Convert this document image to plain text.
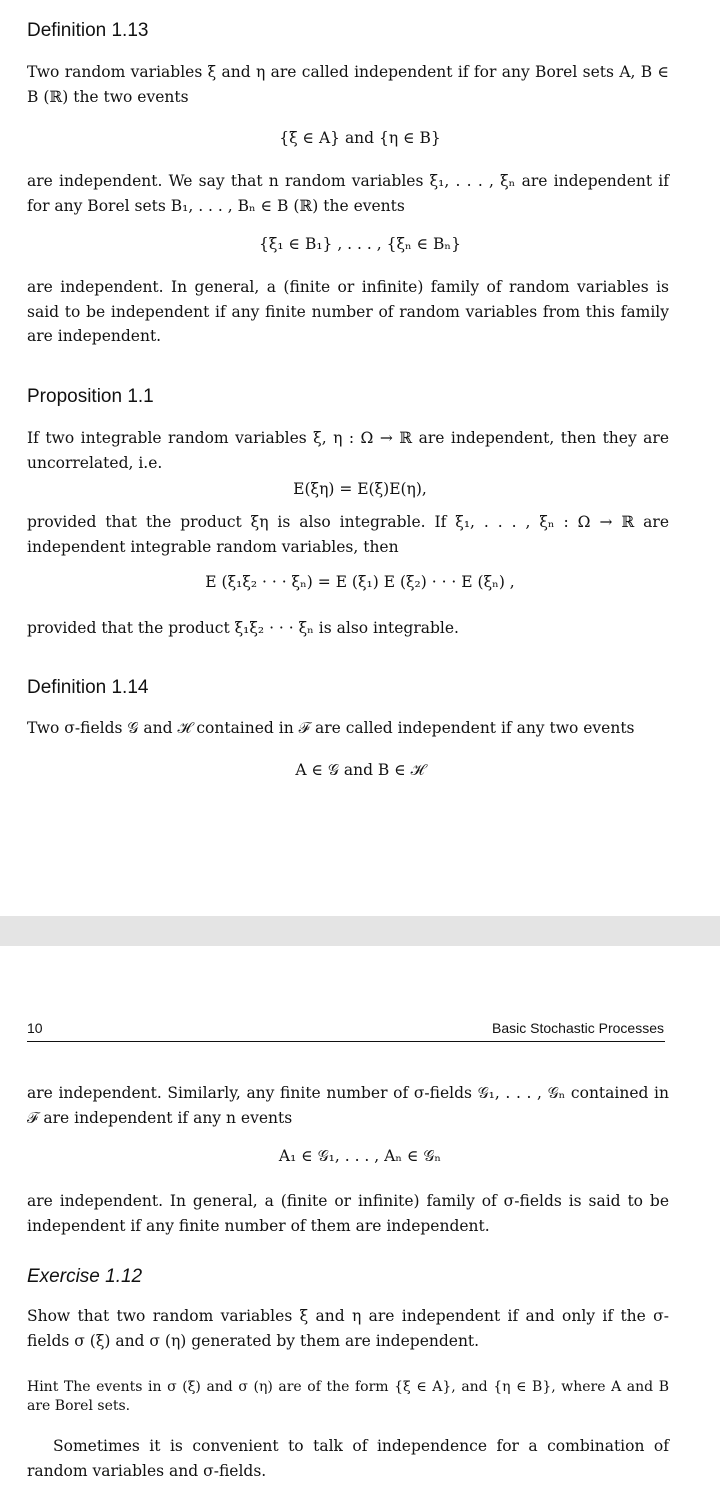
Definition 1.13
Two random variables ξ and η are called independent if for any Borel sets A, B ∈ B (ℝ) the two events
{ξ ∈ A} and {η ∈ B}
are independent. We say that n random variables ξ₁, . . . , ξₙ are independent if for any Borel sets B₁, . . . , Bₙ ∈ B (ℝ) the events
{ξ₁ ∈ B₁} , . . . , {ξₙ ∈ Bₙ}
are independent. In general, a (finite or infinite) family of random variables is said to be independent if any finite number of random variables from this family are independent.
Proposition 1.1
If two integrable random variables ξ, η : Ω → ℝ are independent, then they are uncorrelated, i.e.
E(ξη) = E(ξ)E(η),
provided that the product ξη is also integrable. If ξ₁, . . . , ξₙ : Ω → ℝ are independent integrable random variables, then
E (ξ₁ξ₂ · · · ξₙ) = E (ξ₁) E (ξ₂) · · · E (ξₙ) ,
provided that the product ξ₁ξ₂ · · · ξₙ is also integrable.
Definition 1.14
Two σ-fields 𝒢 and ℋ contained in ℱ are called independent if any two events
A ∈ 𝒢 and B ∈ ℋ
10	Basic Stochastic Processes
are independent. Similarly, any finite number of σ-fields 𝒢₁, . . . , 𝒢ₙ contained in ℱ are independent if any n events
A₁ ∈ 𝒢₁, . . . , Aₙ ∈ 𝒢ₙ
are independent. In general, a (finite or infinite) family of σ-fields is said to be independent if any finite number of them are independent.
Exercise 1.12
Show that two random variables ξ and η are independent if and only if the σ-fields σ (ξ) and σ (η) generated by them are independent.
Hint The events in σ (ξ) and σ (η) are of the form {ξ ∈ A}, and {η ∈ B}, where A and B are Borel sets.
Sometimes it is convenient to talk of independence for a combination of random variables and σ-fields.
